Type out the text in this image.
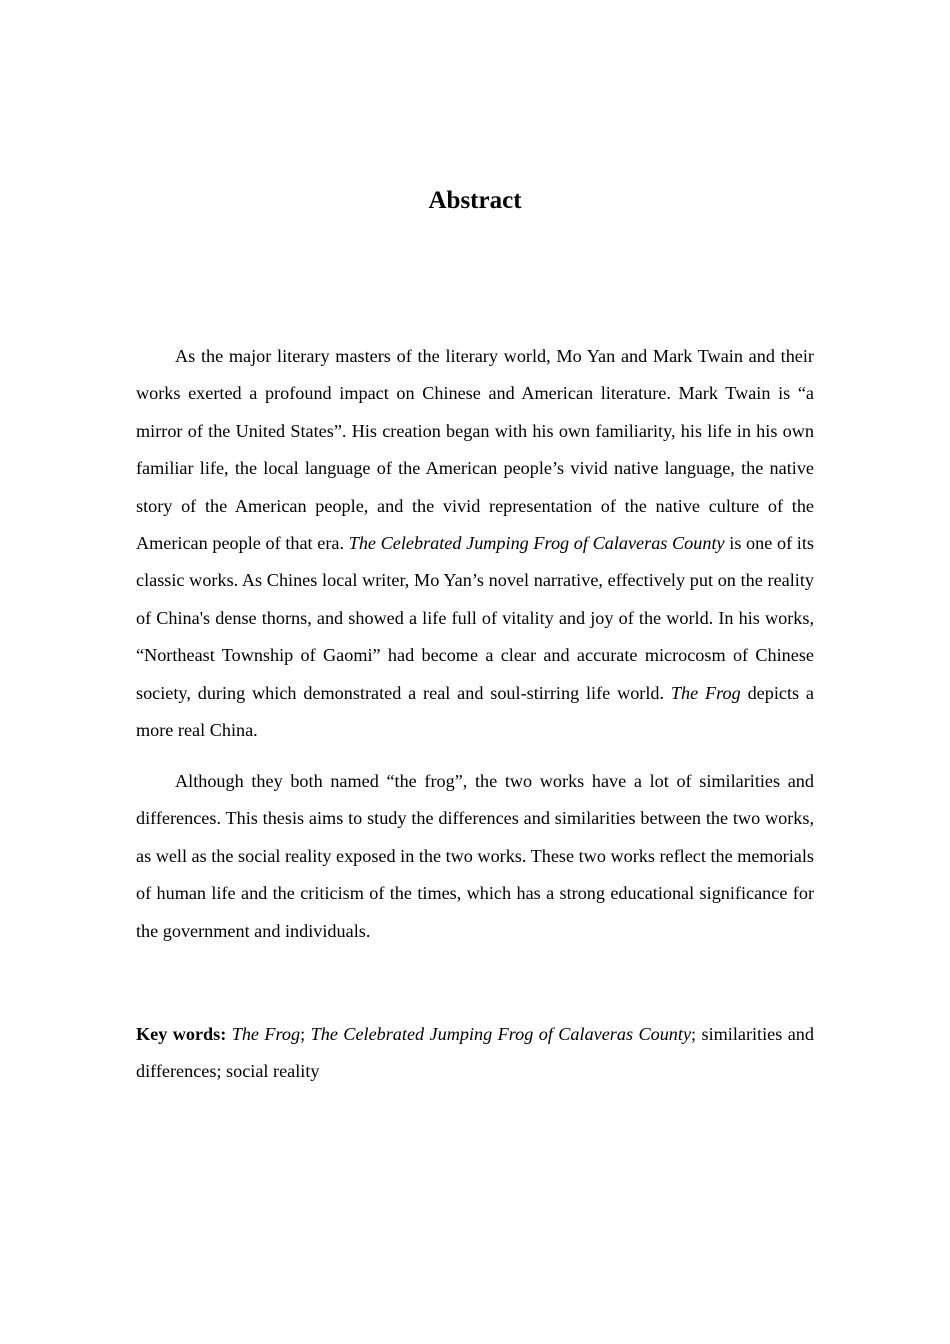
Abstract

As the major literary masters of the literary world, Mo Yan and Mark Twain and their works exerted a profound impact on Chinese and American literature. Mark Twain is “a mirror of the United States”. His creation began with his own familiarity, his life in his own familiar life, the local language of the American people’s vivid native language, the native story of the American people, and the vivid representation of the native culture of the American people of that era. The Celebrated Jumping Frog of Calaveras County is one of its classic works. As Chines local writer, Mo Yan’s novel narrative, effectively put on the reality of China's dense thorns, and showed a life full of vitality and joy of the world. In his works, “Northeast Township of Gaomi” had become a clear and accurate microcosm of Chinese society, during which demonstrated a real and soul-stirring life world. The Frog depicts a more real China.

Although they both named “the frog”, the two works have a lot of similarities and differences. This thesis aims to study the differences and similarities between the two works, as well as the social reality exposed in the two works. These two works reflect the memorials of human life and the criticism of the times, which has a strong educational significance for the government and individuals.

Key words: The Frog; The Celebrated Jumping Frog of Calaveras County; similarities and differences; social reality
